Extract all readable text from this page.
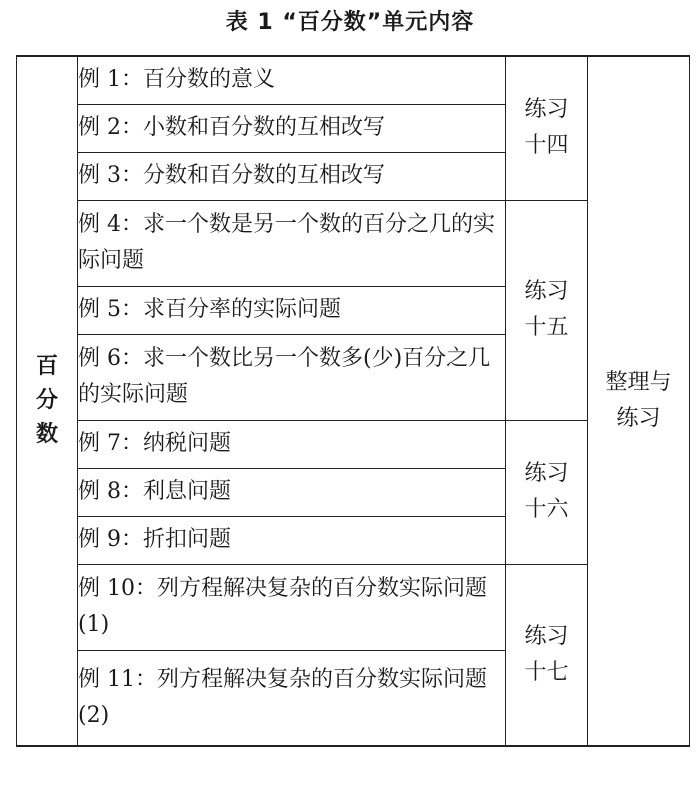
表 1 “百分数”单元内容
百分数	例 1：百分数的意义	练习十四	整理与练习
	例 2：小数和百分数的互相改写		
	例 3：分数和百分数的互相改写		
	例 4：求一个数是另一个数的百分之几的实际问题	练习十五	
	例 5：求百分率的实际问题		
	例 6：求一个数比另一个数多(少)百分之几的实际问题		
	例 7：纳税问题	练习十六	
	例 8：利息问题		
	例 9：折扣问题		
	例 10：列方程解决复杂的百分数实际问题(1)	练习十七	
	例 11：列方程解决复杂的百分数实际问题(2)		
